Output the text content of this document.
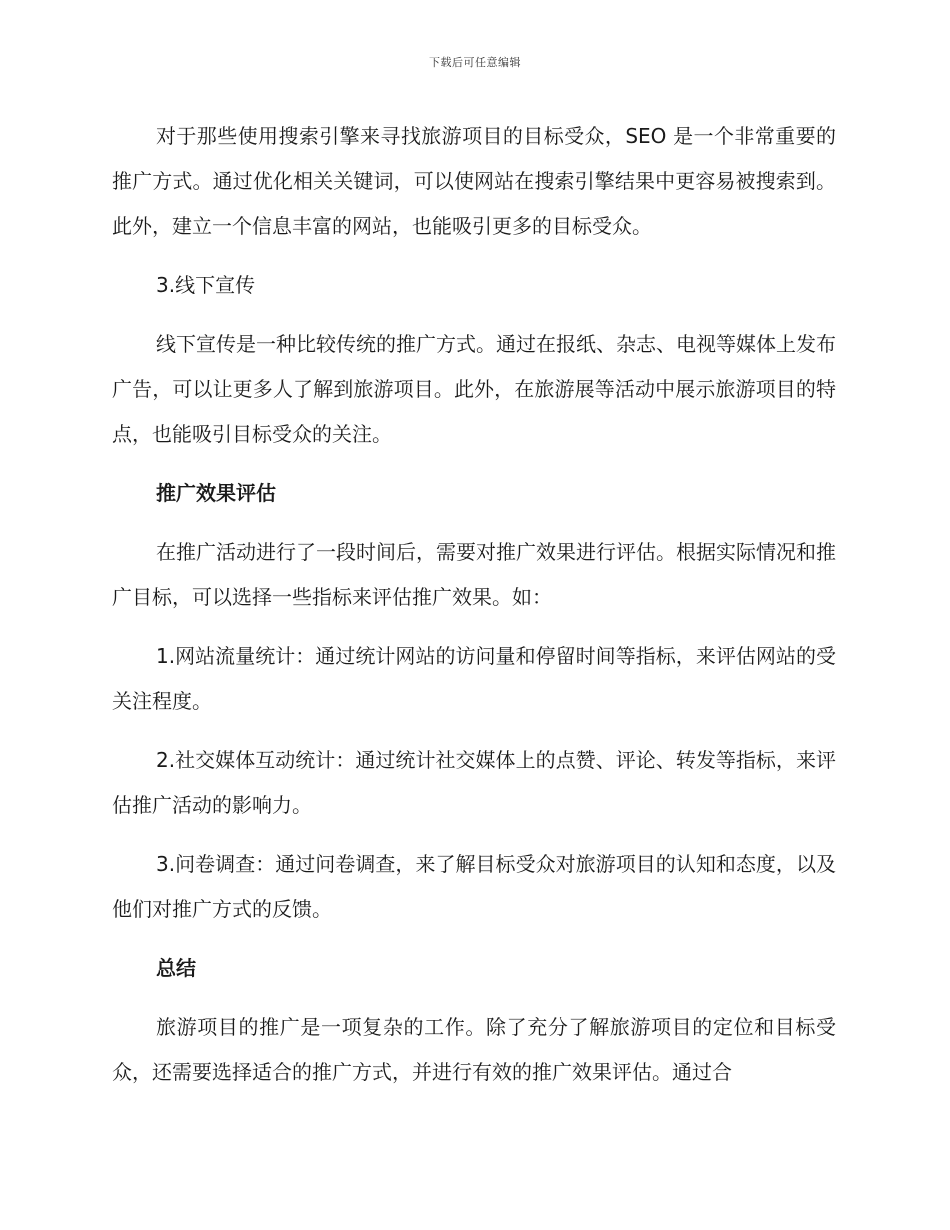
下载后可任意编辑

对于那些使用搜索引擎来寻找旅游项目的目标受众，SEO 是一个非常重要的推广方式。通过优化相关关键词，可以使网站在搜索引擎结果中更容易被搜索到。此外，建立一个信息丰富的网站，也能吸引更多的目标受众。

3.线下宣传

线下宣传是一种比较传统的推广方式。通过在报纸、杂志、电视等媒体上发布广告，可以让更多人了解到旅游项目。此外，在旅游展等活动中展示旅游项目的特点，也能吸引目标受众的关注。

推广效果评估

在推广活动进行了一段时间后，需要对推广效果进行评估。根据实际情况和推广目标，可以选择一些指标来评估推广效果。如：

1.网站流量统计：通过统计网站的访问量和停留时间等指标，来评估网站的受关注程度。

2.社交媒体互动统计：通过统计社交媒体上的点赞、评论、转发等指标，来评估推广活动的影响力。

3.问卷调查：通过问卷调查，来了解目标受众对旅游项目的认知和态度，以及他们对推广方式的反馈。

总结

旅游项目的推广是一项复杂的工作。除了充分了解旅游项目的定位和目标受众，还需要选择适合的推广方式，并进行有效的推广效果评估。通过合
